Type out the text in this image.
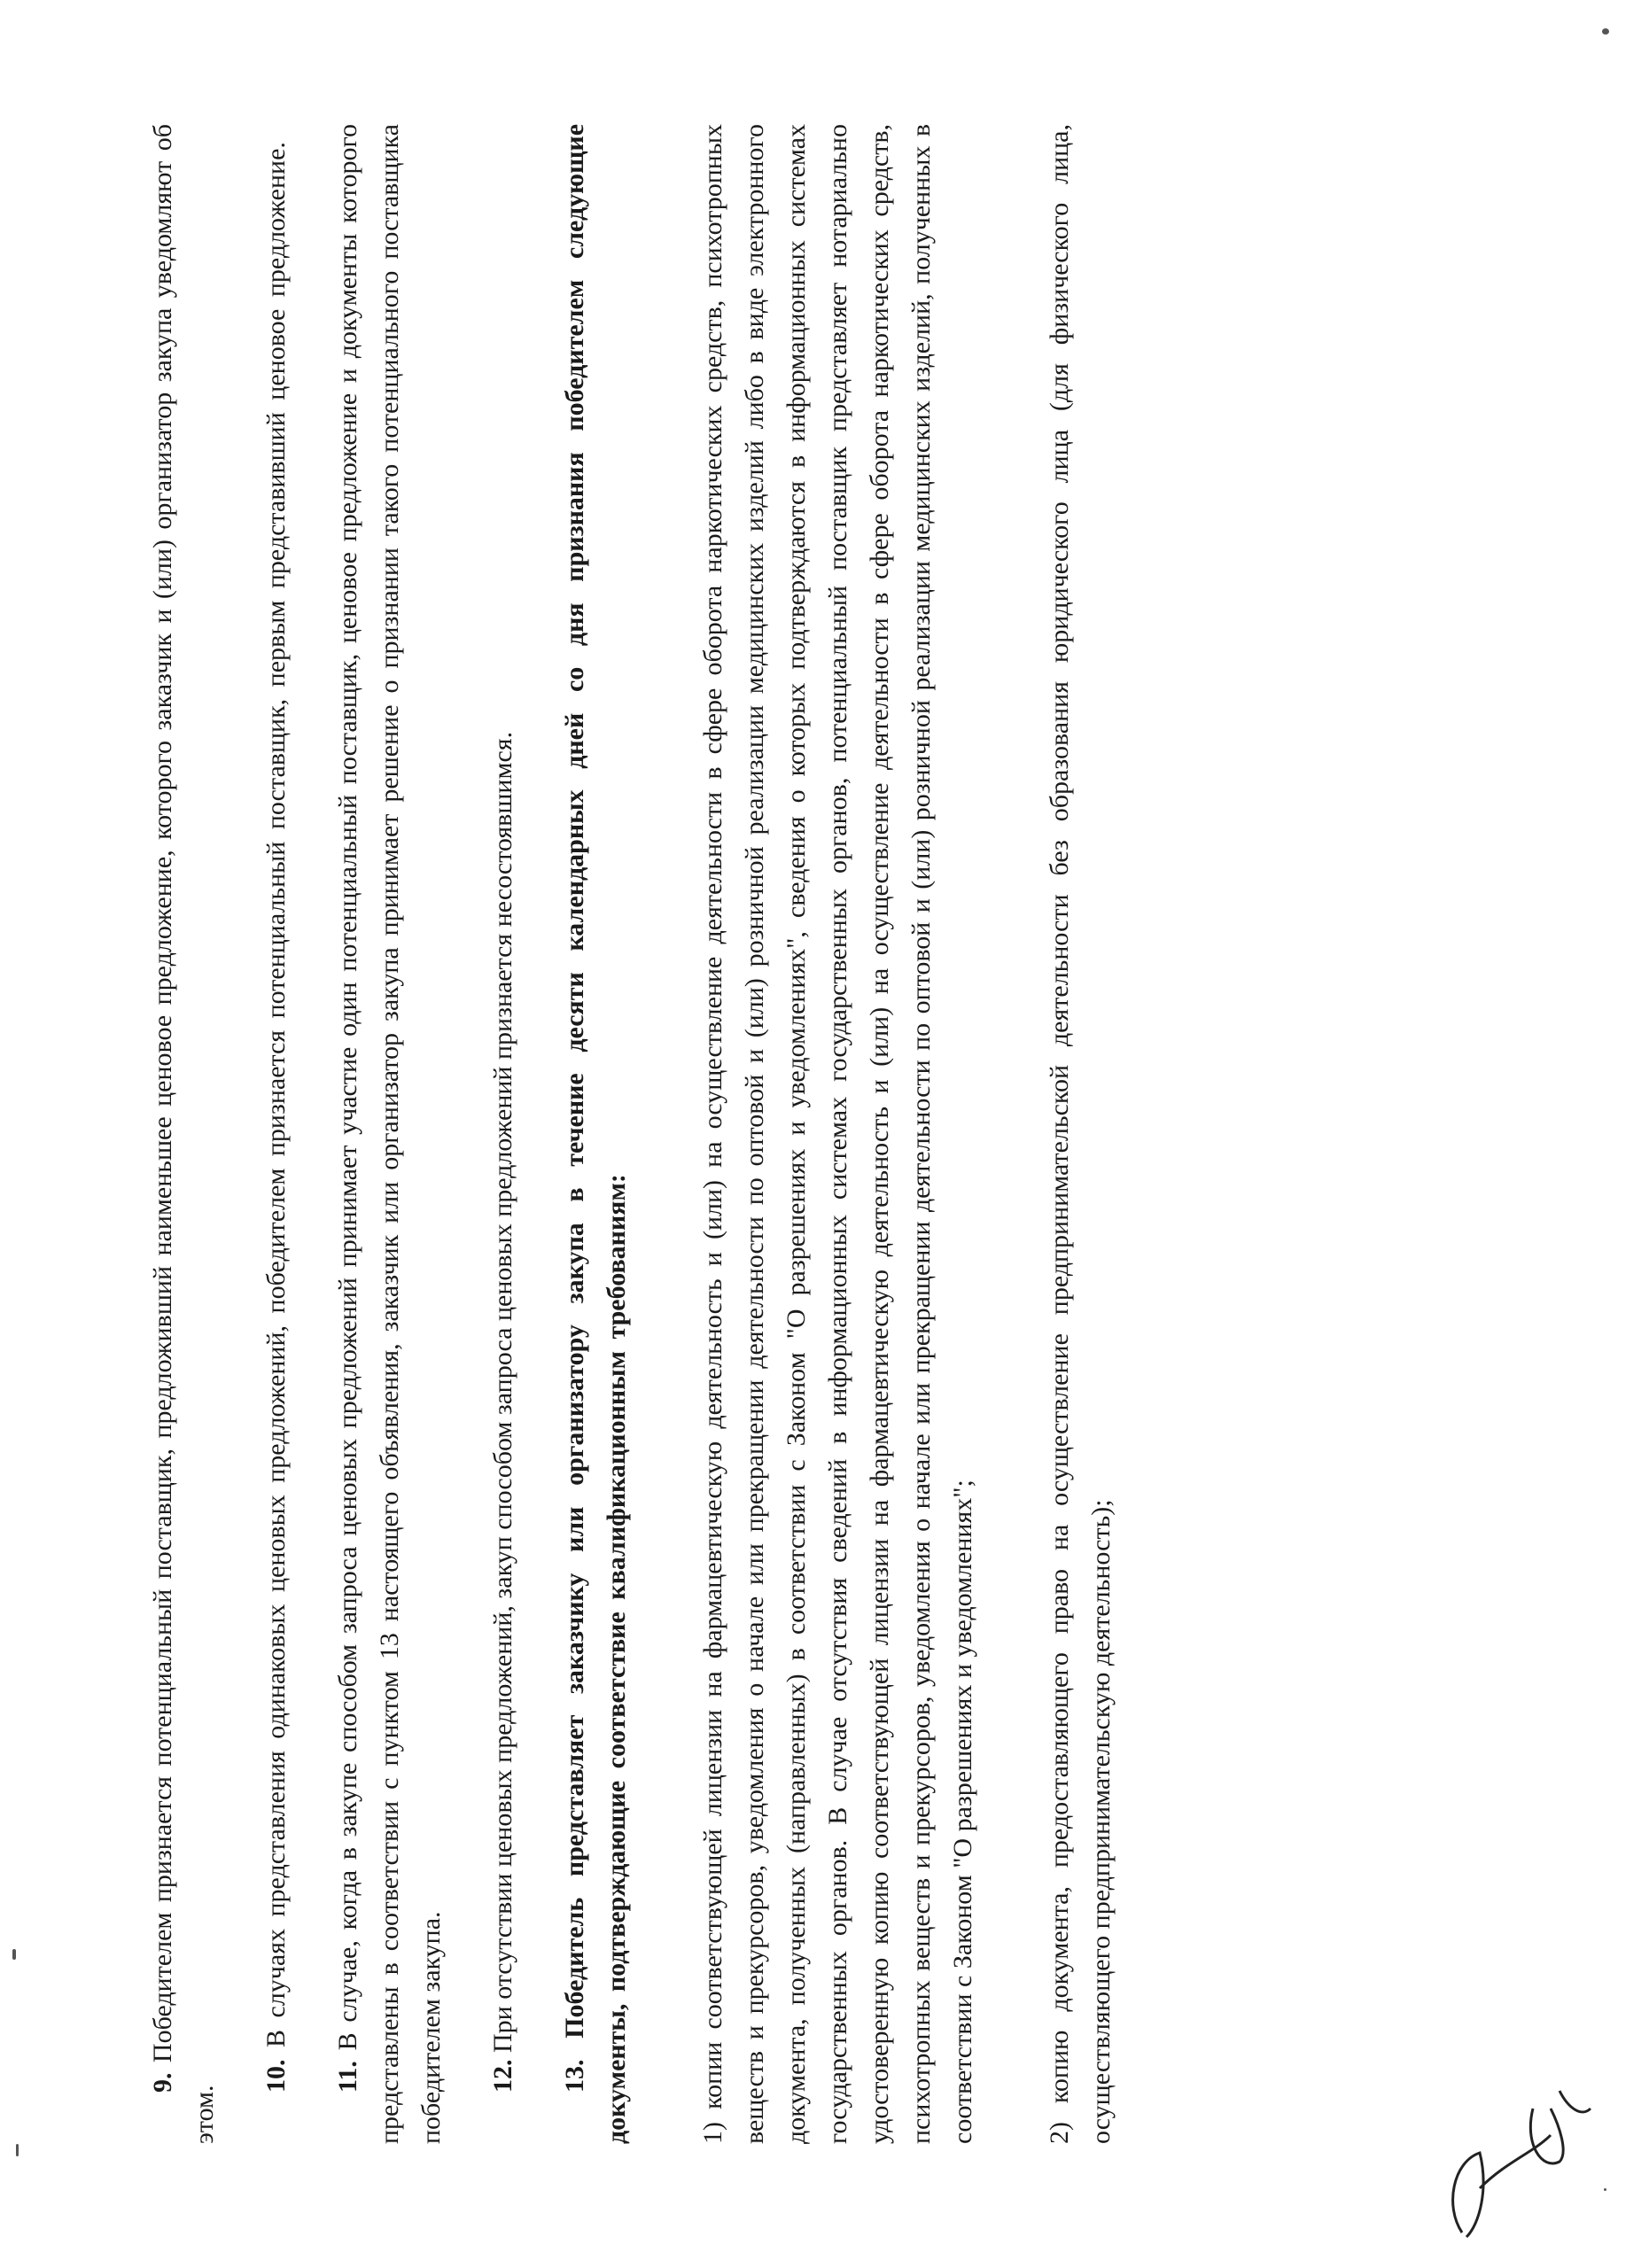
9. Победителем признается потенциальный поставщик, предложивший наименьшее ценовое предложение, которого заказчик и (или) организатор закупа уведомляют об этом.

10. В случаях представления одинаковых ценовых предложений, победителем признается потенциальный поставщик, первым представивший ценовое предложение.

11. В случае, когда в закупе способом запроса ценовых предложений принимает участие один потенциальный поставщик, ценовое предложение и документы которого представлены в соответствии с пунктом 13 настоящего объявления, заказчик или организатор закупа принимает решение о признании такого потенциального поставщика победителем закупа. 12. При отсутствии ценовых предложений, закуп способом запроса ценовых предложений признается несостоявшимся.

13. Победитель представляет заказчику или организатору закупа в течение десяти календарных дней со дня признания победителем следующие документы, подтверждающие соответствие квалификационным требованиям:	1) копии соответствующей лицензии на фармацевтическую деятельность и (или) на осуществление деятельности в сфере оборота наркотических средств, психотропных веществ и прекурсоров, уведомления о начале или прекращении деятельности по оптовой и (или) розничной реализации медицинских изделий либо в виде электронного документа, полученных (направленных) в соответствии с Законом "О разрешениях и уведомлениях", сведения о которых подтверждаются в информационных системах государственных органов. В случае отсутствия сведений в информационных системах государственных органов, потенциальный поставщик представляет нотариально удостоверенную копию соответствующей лицензии на фармацевтическую деятельность и (или) на осуществление деятельности в сфере оборота наркотических средств, психотропных веществ и прекурсоров, уведомления о начале или прекращении деятельности по оптовой и (или) розничной реализации медицинских изделий, полученных в соответствии с Законом "О разрешениях и уведомлениях";	2) копию документа, предоставляющего право на осуществление предпринимательской деятельности без образования юридического лица (для физического лица, осуществляющего предпринимательскую деятельность);
